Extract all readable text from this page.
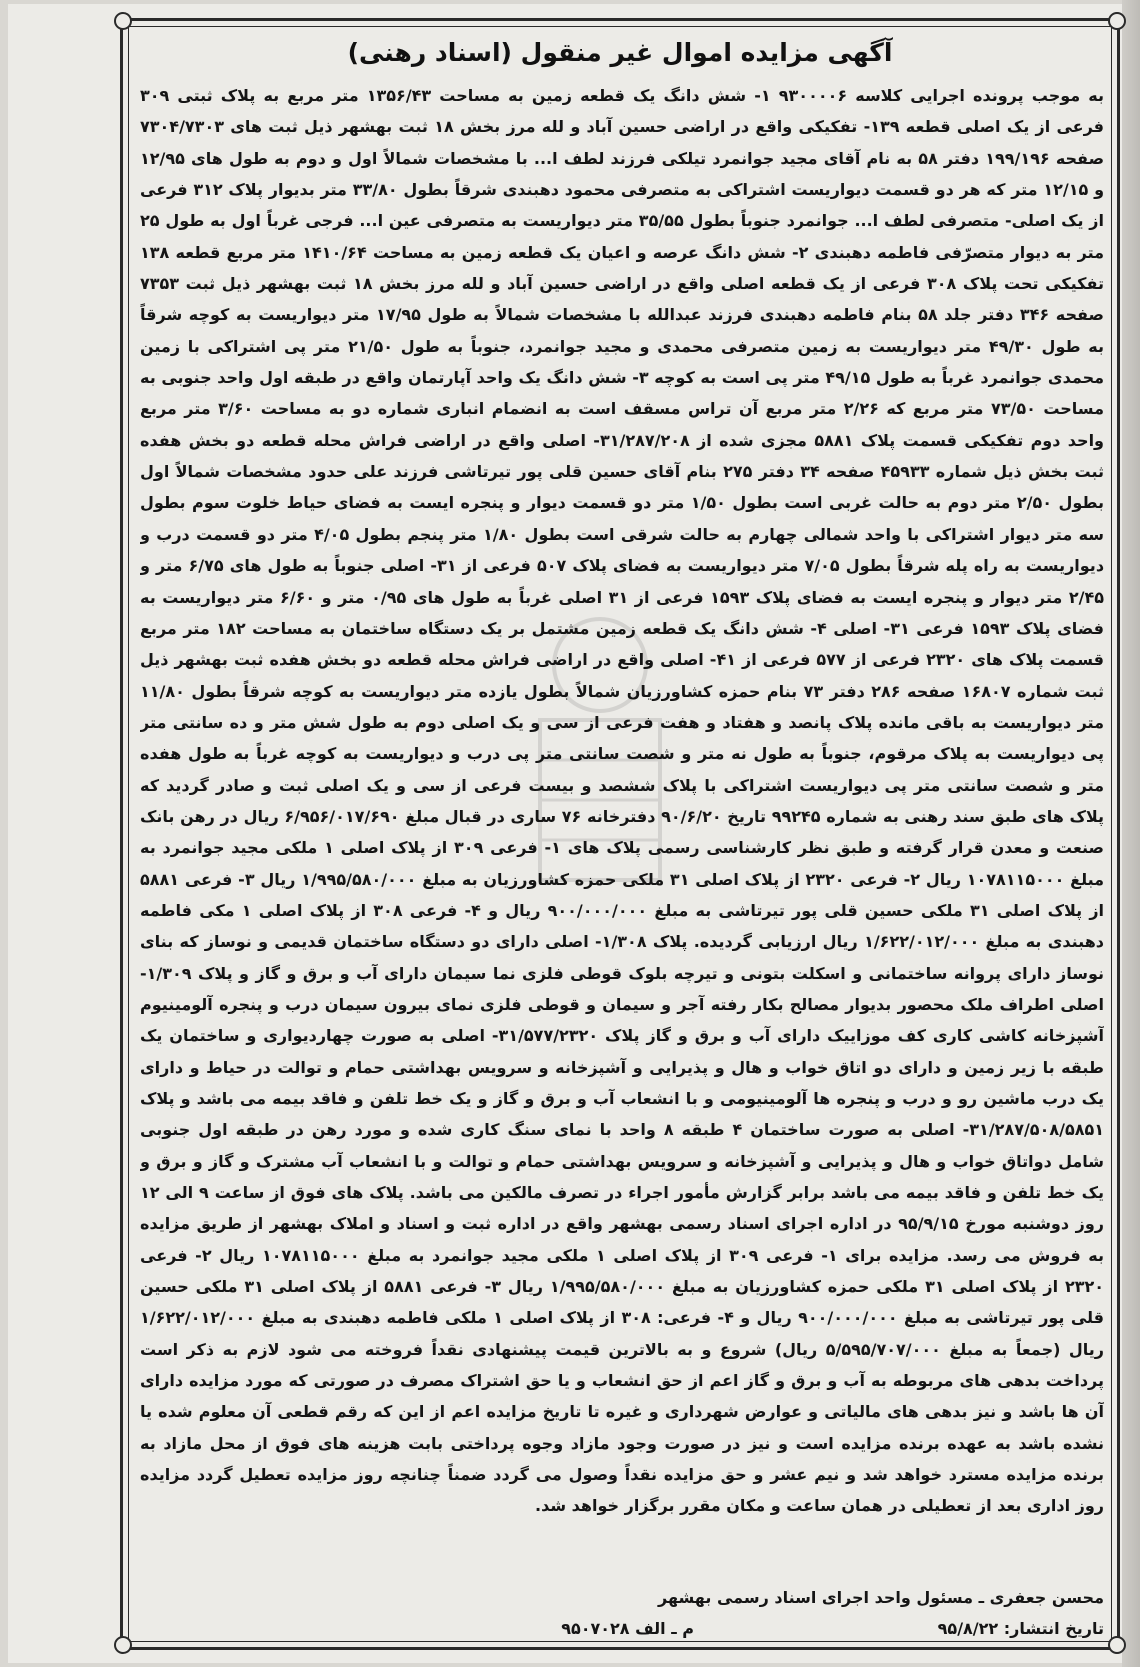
آگهی مزایده اموال غیر منقول (اسناد رهنی)
به موجب پرونده اجرایی کلاسه ۹۳۰۰۰۰۶ ۱- شش دانگ یک قطعه زمین به مساحت ۱۳۵۶/۴۳ متر مربع به پلاک ثبتی ۳۰۹ فرعی از یک اصلی قطعه ۱۳۹- تفکیکی واقع در اراضی حسین آباد و لله مرز بخش ۱۸ ثبت بهشهر ذیل ثبت های ۷۳۰۴/۷۳۰۳ صفحه ۱۹۹/۱۹۶ دفتر ۵۸ به نام آقای مجید جوانمرد تیلکی فرزند لطف ا... با مشخصات شمالاً اول و دوم به طول های ۱۲/۹۵ و ۱۲/۱۵ متر که هر دو قسمت دیواریست اشتراکی به متصرفی محمود دهبندی شرقاً بطول ۳۳/۸۰ متر بدیوار پلاک ۳۱۲ فرعی از یک اصلی- متصرفی لطف ا... جوانمرد جنوباً بطول ۳۵/۵۵ متر دیواریست به متصرفی عین ا... فرجی غرباً اول به طول ۲۵ متر به دیوار متصرّفی فاطمه دهبندی ۲- شش دانگ عرصه و اعیان یک قطعه زمین به مساحت ۱۴۱۰/۶۴ متر مربع قطعه ۱۳۸ تفکیکی تحت پلاک ۳۰۸ فرعی از یک قطعه اصلی واقع در اراضی حسین آباد و لله مرز بخش ۱۸ ثبت بهشهر ذیل ثبت ۷۳۵۳ صفحه ۳۴۶ دفتر جلد ۵۸ بنام فاطمه دهبندی فرزند عبدالله با مشخصات شمالاً به طول ۱۷/۹۵ متر دیواریست به کوچه شرقاً به طول ۴۹/۳۰ متر دیواریست به زمین متصرفی محمدی و مجید جوانمرد، جنوباً به طول ۲۱/۵۰ متر پی اشتراکی با زمین محمدی جوانمرد غرباً به طول ۴۹/۱۵ متر پی است به کوچه ۳- شش دانگ یک واحد آپارتمان واقع در طبقه اول واحد جنوبی به مساحت ۷۳/۵۰ متر مربع که ۲/۲۶ متر مربع آن تراس مسقف است به انضمام انباری شماره دو به مساحت ۳/۶۰ متر مربع واحد دوم تفکیکی قسمت پلاک ۵۸۸۱ مجزی شده از ۳۱/۲۸۷/۲۰۸- اصلی واقع در اراضی فراش محله قطعه دو بخش هفده ثبت بخش ذیل شماره ۴۵۹۳۳ صفحه ۳۴ دفتر ۲۷۵ بنام آقای حسین قلی پور تیرتاشی فرزند علی حدود مشخصات شمالاً اول بطول ۲/۵۰ متر دوم به حالت غربی است بطول ۱/۵۰ متر دو قسمت دیوار و پنجره ایست به فضای حیاط خلوت سوم بطول سه متر دیوار اشتراکی با واحد شمالی چهارم به حالت شرقی است بطول ۱/۸۰ متر پنجم بطول ۴/۰۵ متر دو قسمت درب و دیواریست به راه پله شرقاً بطول ۷/۰۵ متر دیواریست به فضای پلاک ۵۰۷ فرعی از ۳۱- اصلی جنوباً به طول های ۶/۷۵ متر و ۲/۴۵ متر دیوار و پنجره ایست به فضای پلاک ۱۵۹۳ فرعی از ۳۱ اصلی غرباً به طول های ۰/۹۵ متر و ۶/۶۰ متر دیواریست به فضای پلاک ۱۵۹۳ فرعی ۳۱- اصلی ۴- شش دانگ یک قطعه زمین مشتمل بر یک دستگاه ساختمان به مساحت ۱۸۲ متر مربع قسمت پلاک های ۲۳۲۰ فرعی از ۵۷۷ فرعی از ۴۱- اصلی واقع در اراضی فراش محله قطعه دو بخش هفده ثبت بهشهر ذیل ثبت شماره ۱۶۸۰۷ صفحه ۲۸۶ دفتر ۷۳ بنام حمزه کشاورزیان شمالاً بطول یازده متر دیواریست به کوچه شرقاً بطول ۱۱/۸۰ متر دیواریست به باقی مانده پلاک پانصد و هفتاد و هفت فرعی از سی و یک اصلی دوم به طول شش متر و ده سانتی متر پی دیواریست به پلاک مرقوم، جنوباً به طول نه متر و شصت سانتی متر پی درب و دیواریست به کوچه غرباً به طول هفده متر و شصت سانتی متر پی دیواریست اشتراکی با پلاک ششصد و بیست فرعی از سی و یک اصلی ثبت و صادر گردید که پلاک های طبق سند رهنی به شماره ۹۹۲۴۵ تاریخ ۹۰/۶/۲۰ دفترخانه ۷۶ ساری در قبال مبلغ ۶/۹۵۶/۰۱۷/۶۹۰ ریال در رهن بانک صنعت و معدن قرار گرفته و طبق نظر کارشناسی رسمی پلاک های ۱- فرعی ۳۰۹ از پلاک اصلی ۱ ملکی مجید جوانمرد به مبلغ ۱۰۷۸۱۱۵۰۰۰ ریال ۲- فرعی ۲۳۲۰ از پلاک اصلی ۳۱ ملکی حمزه کشاورزیان به مبلغ ۱/۹۹۵/۵۸۰/۰۰۰ ریال ۳- فرعی ۵۸۸۱ از پلاک اصلی ۳۱ ملکی حسین قلی پور تیرتاشی به مبلغ ۹۰۰/۰۰۰/۰۰۰ ریال و ۴- فرعی ۳۰۸ از پلاک اصلی ۱ مکی فاطمه دهبندی به مبلغ ۱/۶۲۲/۰۱۲/۰۰۰ ریال ارزیابی گردیده. پلاک ۱/۳۰۸- اصلی دارای دو دستگاه ساختمان قدیمی و نوساز که بنای نوساز دارای پروانه ساختمانی و اسکلت بتونی و تیرچه بلوک قوطی فلزی نما سیمان دارای آب و برق و گاز و پلاک ۱/۳۰۹- اصلی اطراف ملک محصور بدیوار مصالح بکار رفته آجر و سیمان و قوطی فلزی نمای بیرون سیمان درب و پنجره آلومینیوم آشپزخانه کاشی کاری کف موزاییک دارای آب و برق و گاز پلاک ۳۱/۵۷۷/۲۳۲۰- اصلی به صورت چهاردیواری و ساختمان یک طبقه با زیر زمین و دارای دو اتاق خواب و هال و پذیرایی و آشپزخانه و سرویس بهداشتی حمام و توالت در حیاط و دارای یک درب ماشین رو و درب و پنجره ها آلومینیومی و با انشعاب آب و برق و گاز و یک خط تلفن و فاقد بیمه می باشد و پلاک ۳۱/۲۸۷/۵۰۸/۵۸۵۱- اصلی به صورت ساختمان ۴ طبقه ۸ واحد با نمای سنگ کاری شده و مورد رهن در طبقه اول جنوبی شامل دواتاق خواب و هال و پذیرایی و آشپزخانه و سرویس بهداشتی حمام و توالت و با انشعاب آب مشترک و گاز و برق و یک خط تلفن و فاقد بیمه می باشد برابر گزارش مأمور اجراء در تصرف مالکین می باشد. پلاک های فوق از ساعت ۹ الی ۱۲ روز دوشنبه مورخ ۹۵/۹/۱۵ در اداره اجرای اسناد رسمی بهشهر واقع در اداره ثبت و اسناد و املاک بهشهر از طریق مزایده به فروش می رسد. مزایده برای ۱- فرعی ۳۰۹ از پلاک اصلی ۱ ملکی مجید جوانمرد به مبلغ ۱۰۷۸۱۱۵۰۰۰ ریال ۲- فرعی ۲۳۲۰ از پلاک اصلی ۳۱ ملکی حمزه کشاورزیان به مبلغ ۱/۹۹۵/۵۸۰/۰۰۰ ریال ۳- فرعی ۵۸۸۱ از پلاک اصلی ۳۱ ملکی حسین قلی پور تیرتاشی به مبلغ ۹۰۰/۰۰۰/۰۰۰ ریال و ۴- فرعی: ۳۰۸ از پلاک اصلی ۱ ملکی فاطمه دهبندی به مبلغ ۱/۶۲۲/۰۱۲/۰۰۰ ریال (جمعاً به مبلغ ۵/۵۹۵/۷۰۷/۰۰۰ ریال) شروع و به بالاترین قیمت پیشنهادی نقداً فروخته می شود لازم به ذکر است پرداخت بدهی های مربوطه به آب و برق و گاز اعم از حق انشعاب و یا حق اشتراک مصرف در صورتی که مورد مزایده دارای آن ها باشد و نیز بدهی های مالیاتی و عوارض شهرداری و غیره تا تاریخ مزایده اعم از این که رقم قطعی آن معلوم شده یا نشده باشد به عهده برنده مزایده است و نیز در صورت وجود مازاد وجوه پرداختی بابت هزینه های فوق از محل مازاد به برنده مزایده مسترد خواهد شد و نیم عشر و حق مزایده نقداً وصول می گردد ضمناً چنانچه روز مزایده تعطیل گردد مزایده روز اداری بعد از تعطیلی در همان ساعت و مکان مقرر برگزار خواهد شد.
محسن جعفری ـ مسئول واحد اجرای اسناد رسمی بهشهر
تاریخ انتشار: ۹۵/۸/۲۲
م ـ الف ۹۵۰۷۰۲۸
